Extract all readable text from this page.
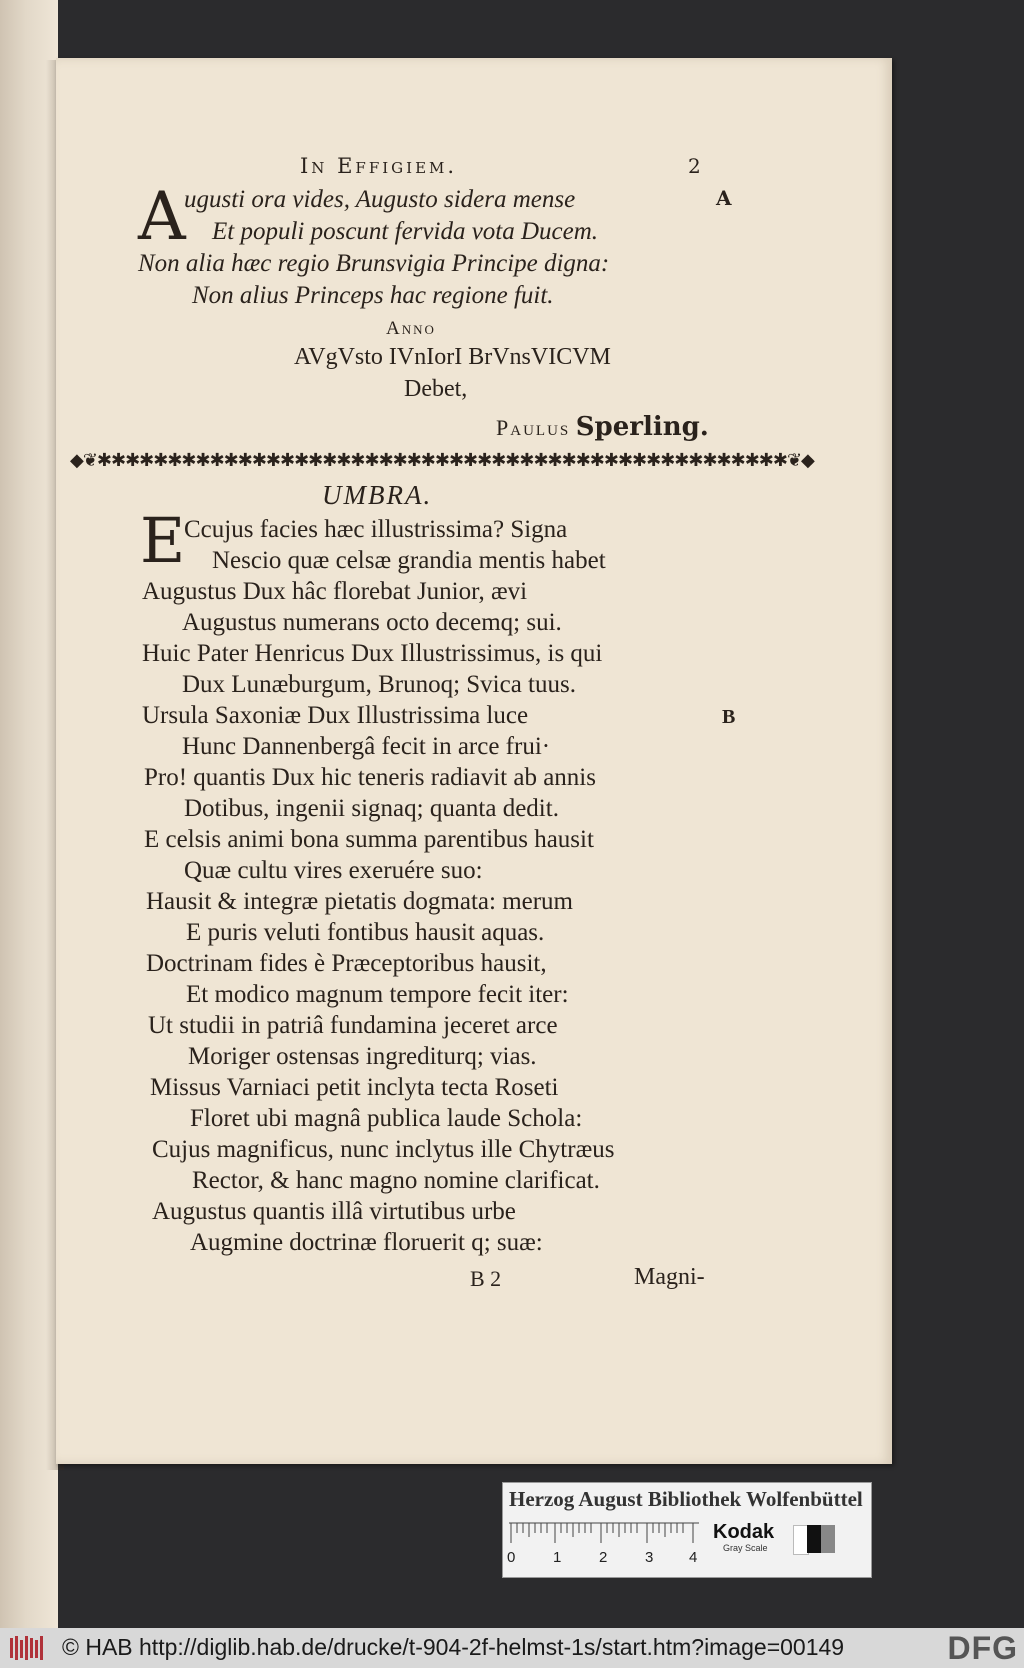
In Effigiem.	2
A
A
ugusti ora vides, Augusto sidera mense
Et populi poscunt fervida vota Ducem.
Non alia hæc regio Brunsvigia Principe digna:
Non alius Princeps hac regione fuit.
Anno
AVgVsto IVnIorI BrVnsVICVM
Debet,
Paulus Sperling.
◆❦✱✱✱✱✱✱✱✱✱✱✱✱✱✱✱✱✱✱✱✱✱✱✱✱✱✱✱✱✱✱✱✱✱✱✱✱✱✱✱✱✱✱✱✱✱✱✱✱✱❦◆
UMBRA.
E
Ccujus facies hæc illustrissima? Signa
Nescio quæ celsæ grandia mentis habet
Augustus Dux hâc florebat Junior, ævi
Augustus numerans octo decemq; sui.
Huic Pater Henricus Dux Illustrissimus, is qui
Dux Lunæburgum, Brunoq; Svica tuus.
Ursula Saxoniæ Dux Illustrissima luce
Hunc Dannenbergâ fecit in arce frui·
Pro! quantis Dux hic teneris radiavit ab annis
Dotibus, ingenii signaq; quanta dedit.
E celsis animi bona summa parentibus hausit
Quæ cultu vires exeruére suo:
Hausit & integræ pietatis dogmata: merum
E puris veluti fontibus hausit aquas.
Doctrinam fides è Præceptoribus hausit,
Et modico magnum tempore fecit iter:
Ut studii in patriâ fundamina jeceret arce
Moriger ostensas ingrediturq; vias.
Missus Varniaci petit inclyta tecta Roseti
Floret ubi magnâ publica laude Schola:
Cujus magnificus, nunc inclytus ille Chytræus
Rector, & hanc magno nomine clarificat.
Augustus quantis illâ virtutibus urbe
Augmine doctrinæ floruerit q; suæ:
B
B 2	Magni-
Herzog August Bibliothek Wolfenbüttel
0	1	2	3 4
Kodak
Gray Scale
© HAB http://diglib.hab.de/drucke/t-904-2f-helmst-1s/start.htm?image=00149	DFG
